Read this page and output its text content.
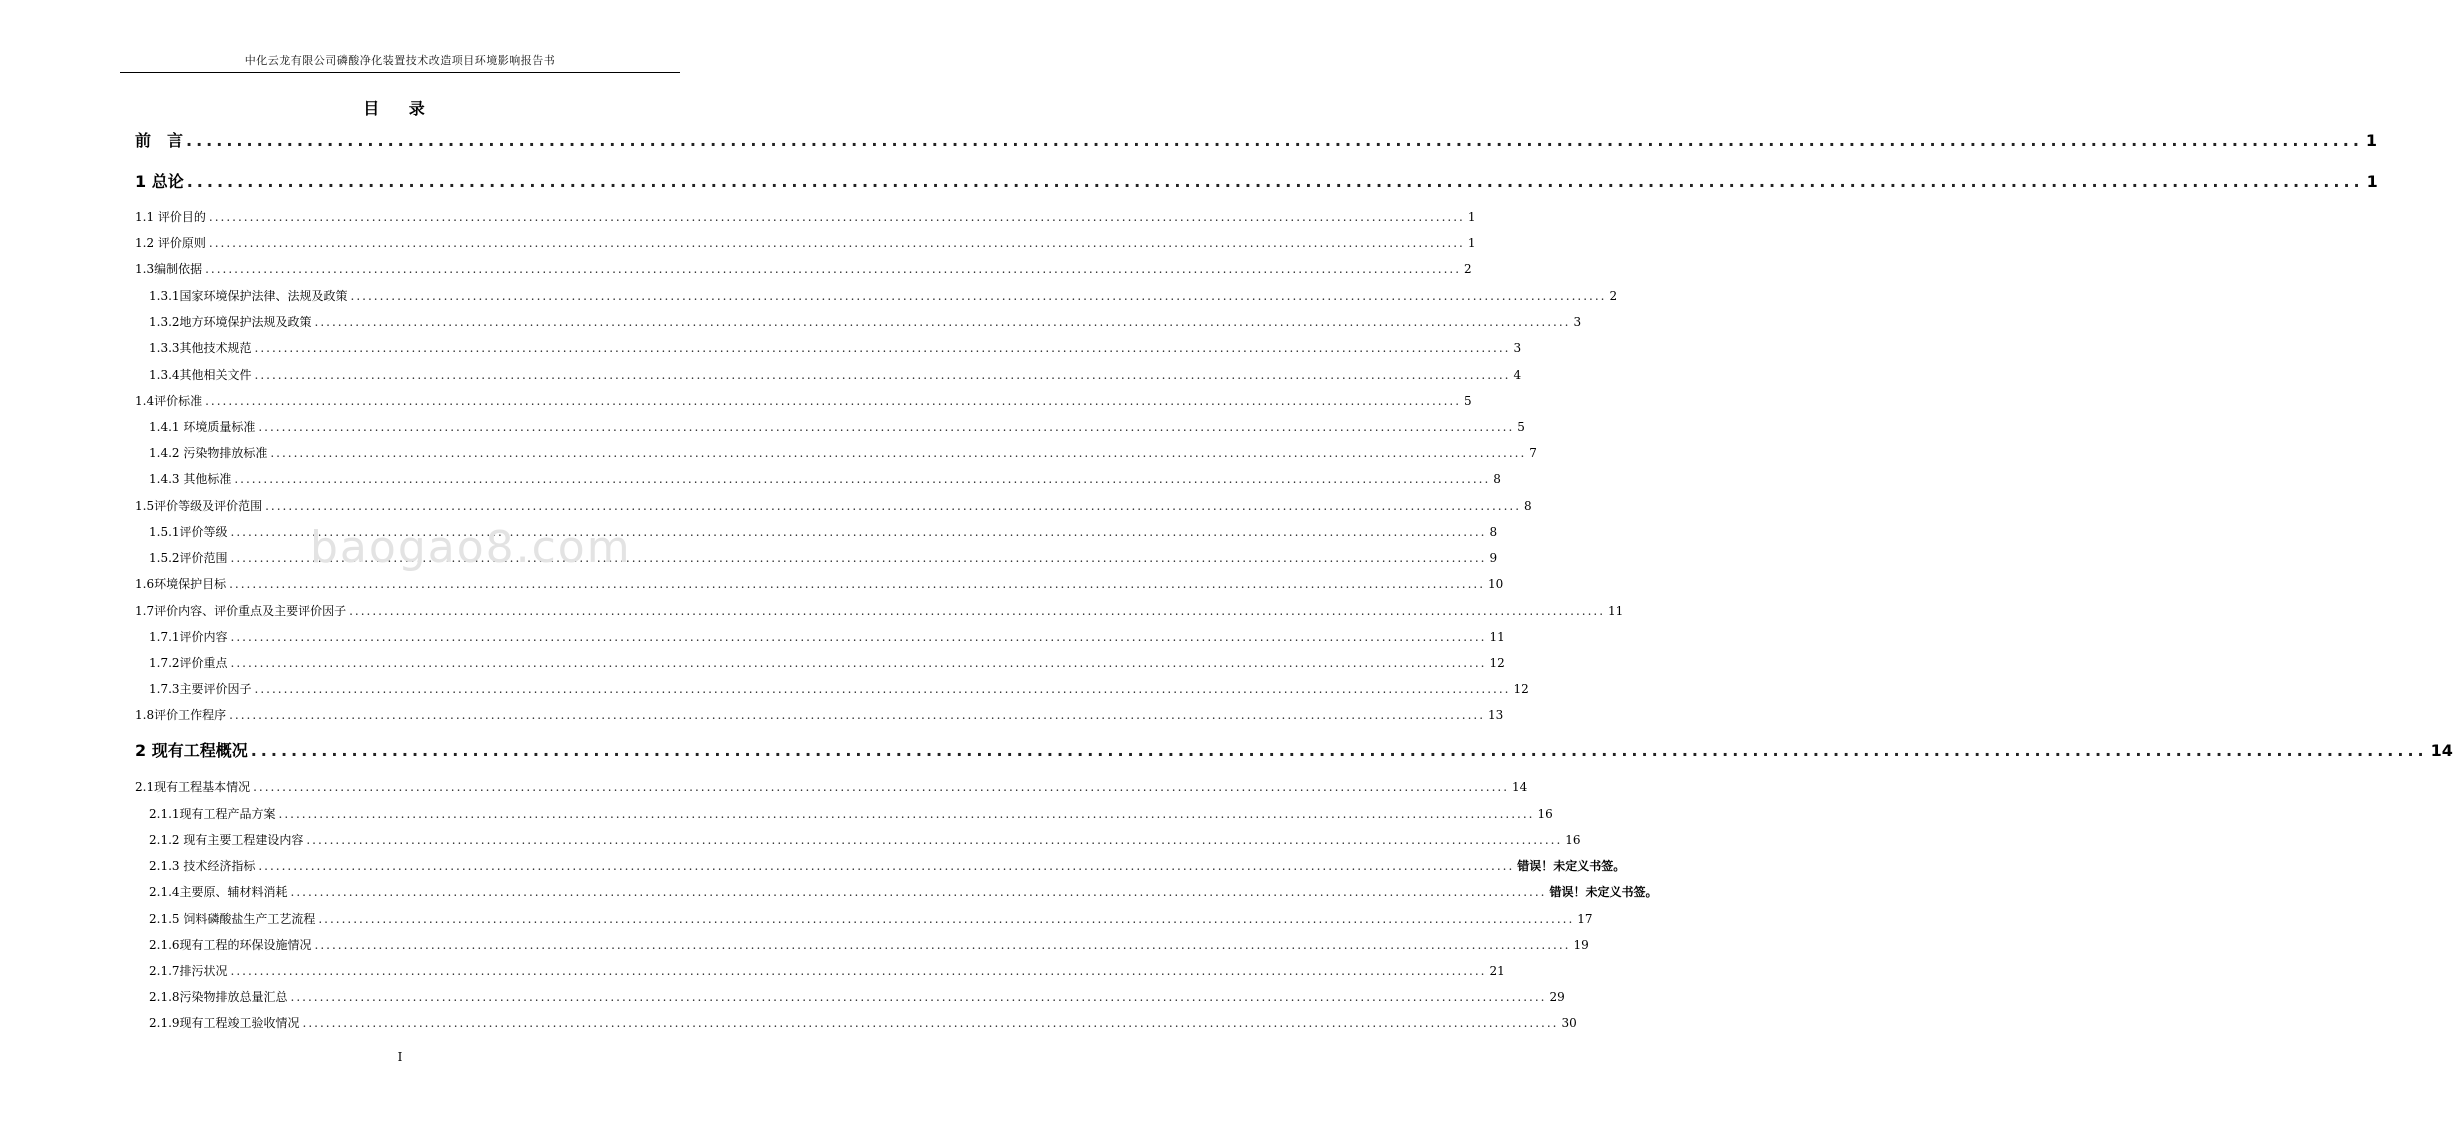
中化云龙有限公司磷酸净化装置技术改造项目环境影响报告书
目 录
前　言 ........................................................................................................................................................................................................................ 1
1 总论 ........................................................................................................................................................................................................................ 1
1.1 评价目的 ........................................................................................................................................................................................................................ 1
1.2 评价原则 ........................................................................................................................................................................................................................ 1
1.3编制依据 ........................................................................................................................................................................................................................ 2
1.3.1国家环境保护法律、法规及政策 ........................................................................................................................................................................................................................ 2
1.3.2地方环境保护法规及政策 ........................................................................................................................................................................................................................ 3
1.3.3其他技术规范 ........................................................................................................................................................................................................................ 3
1.3.4其他相关文件 ........................................................................................................................................................................................................................ 4
1.4评价标准 ........................................................................................................................................................................................................................ 5
1.4.1 环境质量标准 ........................................................................................................................................................................................................................ 5
1.4.2 污染物排放标准 ........................................................................................................................................................................................................................ 7
1.4.3 其他标准 ........................................................................................................................................................................................................................ 8
1.5评价等级及评价范围 ........................................................................................................................................................................................................................ 8
1.5.1评价等级 ........................................................................................................................................................................................................................ 8
1.5.2评价范围 ........................................................................................................................................................................................................................ 9
1.6环境保护目标 ........................................................................................................................................................................................................................ 10
1.7评价内容、评价重点及主要评价因子 ........................................................................................................................................................................................................................ 11
1.7.1评价内容 ........................................................................................................................................................................................................................ 11
1.7.2评价重点 ........................................................................................................................................................................................................................ 12
1.7.3主要评价因子 ........................................................................................................................................................................................................................ 12
1.8评价工作程序 ........................................................................................................................................................................................................................ 13
2 现有工程概况 ........................................................................................................................................................................................................................ 14
2.1现有工程基本情况 ........................................................................................................................................................................................................................ 14
2.1.1现有工程产品方案 ........................................................................................................................................................................................................................ 16
2.1.2 现有主要工程建设内容 ........................................................................................................................................................................................................................ 16
2.1.3 技术经济指标 ........................................................................................................................................................................................................................ 错误！未定义书签。
2.1.4主要原、辅材料消耗 ........................................................................................................................................................................................................................ 错误！未定义书签。
2.1.5 饲料磷酸盐生产工艺流程 ........................................................................................................................................................................................................................ 17
2.1.6现有工程的环保设施情况 ........................................................................................................................................................................................................................ 19
2.1.7排污状况 ........................................................................................................................................................................................................................ 21
2.1.8污染物排放总量汇总 ........................................................................................................................................................................................................................ 29
2.1.9现有工程竣工验收情况 ........................................................................................................................................................................................................................ 30
baogao8.com
I
